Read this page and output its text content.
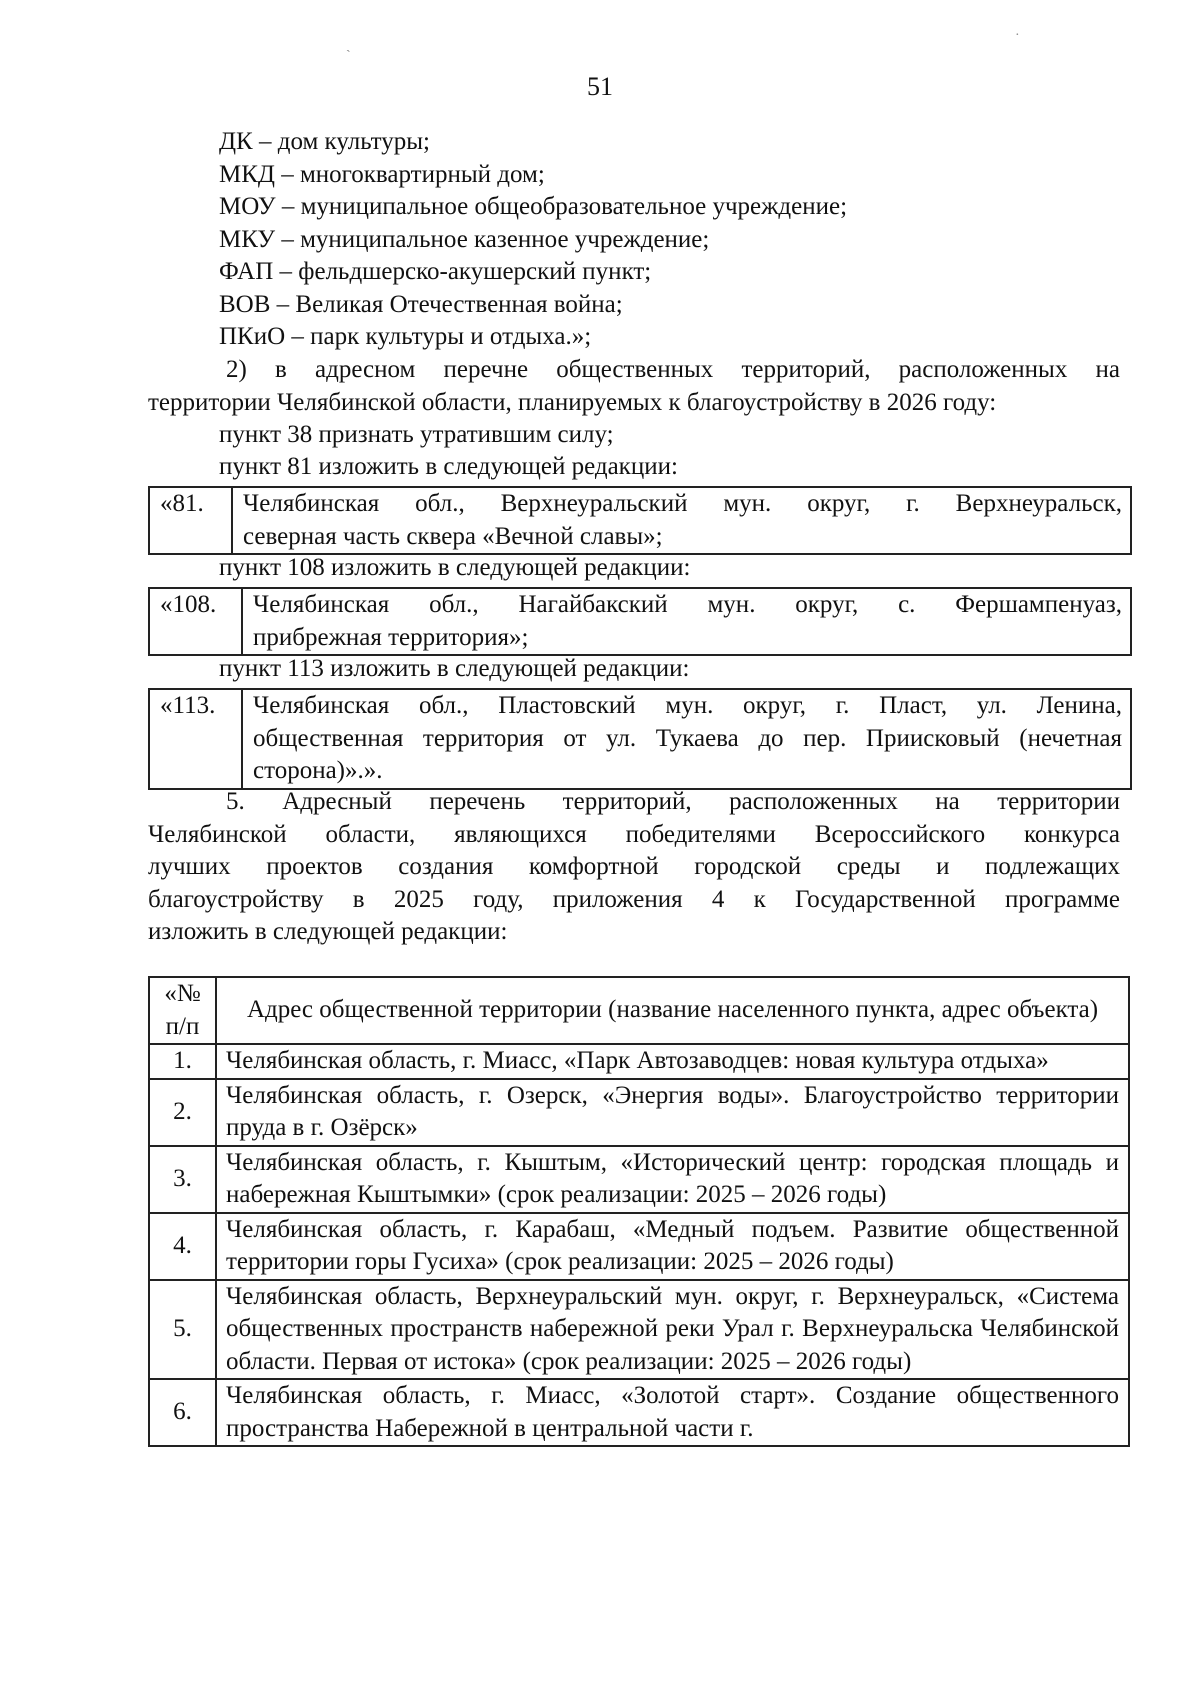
ˏ
·
51
ДК – дом культуры;
МКД – многоквартирный дом;
МОУ – муниципальное общеобразовательное учреждение;
МКУ – муниципальное казенное учреждение;
ФАП – фельдшерско-акушерский пункт;
ВОВ – Великая Отечественная война;
ПКиО – парк культуры и отдыха.»;
2) в адресном перечне общественных территорий, расположенных на
территории Челябинской области, планируемых к благоустройству в 2026 году:
пункт 38 признать утратившим силу;
пункт 81 изложить в следующей редакции:
«81.	Челябинская обл., Верхнеуральский мун. округ, г. Верхнеуральск,
северная часть сквера «Вечной славы»;
пункт 108 изложить в следующей редакции:
«108.	Челябинская обл., Нагайбакский мун. округ, с. Фершампенуаз,
прибрежная территория»;
пункт 113 изложить в следующей редакции:
«113.	Челябинская обл., Пластовский мун. округ, г. Пласт, ул. Ленина,
общественная территория от ул. Тукаева до пер. Приисковый (нечетная
сторона)».».
5. Адресный перечень территорий, расположенных на территории
Челябинской области, являющихся победителями Всероссийского конкурса
лучших проектов создания комфортной городской среды и подлежащих
благоустройству в 2025 году, приложения 4 к Государственной программе
изложить в следующей редакции:
«№
п/п	Адрес общественной территории (название населенного пункта, адрес объекта)
1.	Челябинская область, г. Миасс, «Парк Автозаводцев: новая культура отдыха»
2.	Челябинская область, г. Озерск, «Энергия воды». Благоустройство территории пруда в г. Озёрск»
3.	Челябинская область, г. Кыштым, «Исторический центр: городская площадь и набережная Кыштымки» (срок реализации: 2025 – 2026 годы)
4.	Челябинская область, г. Карабаш, «Медный подъем. Развитие общественной территории горы Гусиха» (срок реализации: 2025 – 2026 годы)
5.	Челябинская область, Верхнеуральский мун. округ, г. Верхнеуральск, «Система общественных пространств набережной реки Урал г. Верхнеуральска Челябинской области. Первая от истока» (срок реализации: 2025 – 2026 годы)
6.	Челябинская область, г. Миасс, «Золотой старт». Создание общественного пространства Набережной в центральной части г.
